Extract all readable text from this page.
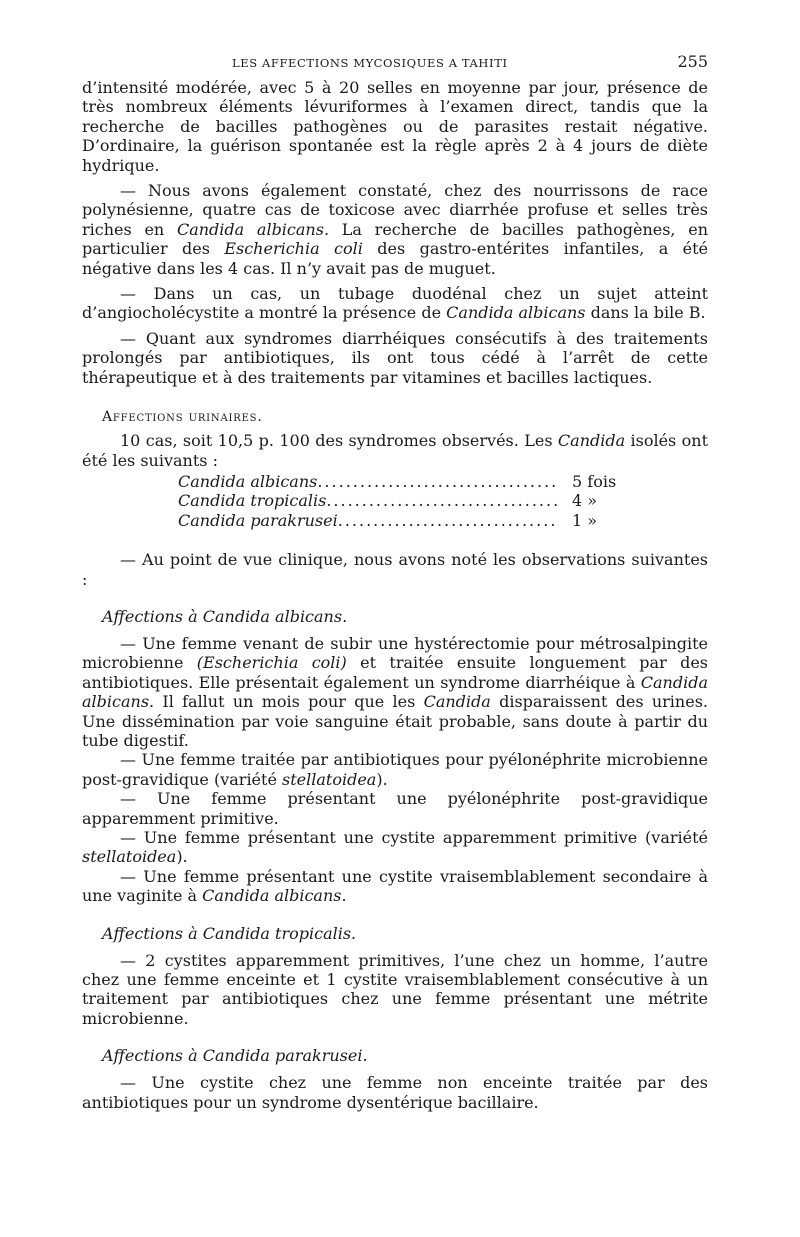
LES AFFECTIONS MYCOSIQUES A TAHITI	255

d’intensité modérée, avec 5 à 20 selles en moyenne par jour, présence de très nombreux éléments lévuriformes à l’examen direct, tandis que la recherche de bacilles pathogènes ou de parasites restait négative. D’ordinaire, la guérison spontanée est la règle après 2 à 4 jours de diète hydrique.

— Nous avons également constaté, chez des nourrissons de race polynésienne, quatre cas de toxicose avec diarrhée profuse et selles très riches en Candida albicans. La recherche de bacilles pathogènes, en particulier des Escherichia coli des gastro-entérites infantiles, a été négative dans les 4 cas. Il n’y avait pas de muguet.

— Dans un cas, un tubage duodénal chez un sujet atteint d’angiocholécystite a montré la présence de Candida albicans dans la bile B.

— Quant aux syndromes diarrhéiques consécutifs à des traitements prolongés par antibiotiques, ils ont tous cédé à l’arrêt de cette thérapeutique et à des traitements par vitamines et bacilles lactiques.

Affections urinaires.

10 cas, soit 10,5 p. 100 des syndromes observés. Les Candida isolés ont été les suivants :

Candida albicans .....	5 fois
Candida tropicalis .....	4 »
Candida parakrusei .....	1 »

— Au point de vue clinique, nous avons noté les observations suivantes :

Affections à Candida albicans.

— Une femme venant de subir une hystérectomie pour métrosalpingite microbienne (Escherichia coli) et traitée ensuite longuement par des antibiotiques. Elle présentait également un syndrome diarrhéique à Candida albicans. Il fallut un mois pour que les Candida disparaissent des urines. Une dissémination par voie sanguine était probable, sans doute à partir du tube digestif.

— Une femme traitée par antibiotiques pour pyélonéphrite microbienne post-gravidique (variété stellatoidea).

— Une femme présentant une pyélonéphrite post-gravidique apparemment primitive.

— Une femme présentant une cystite apparemment primitive (variété stellatoidea).

— Une femme présentant une cystite vraisemblablement secondaire à une vaginite à Candida albicans.

Affections à Candida tropicalis.

— 2 cystites apparemment primitives, l’une chez un homme, l’autre chez une femme enceinte et 1 cystite vraisemblablement consécutive à un traitement par antibiotiques chez une femme présentant une métrite microbienne.

Affections à Candida parakrusei.

— Une cystite chez une femme non enceinte traitée par des antibiotiques pour un syndrome dysentérique bacillaire.
